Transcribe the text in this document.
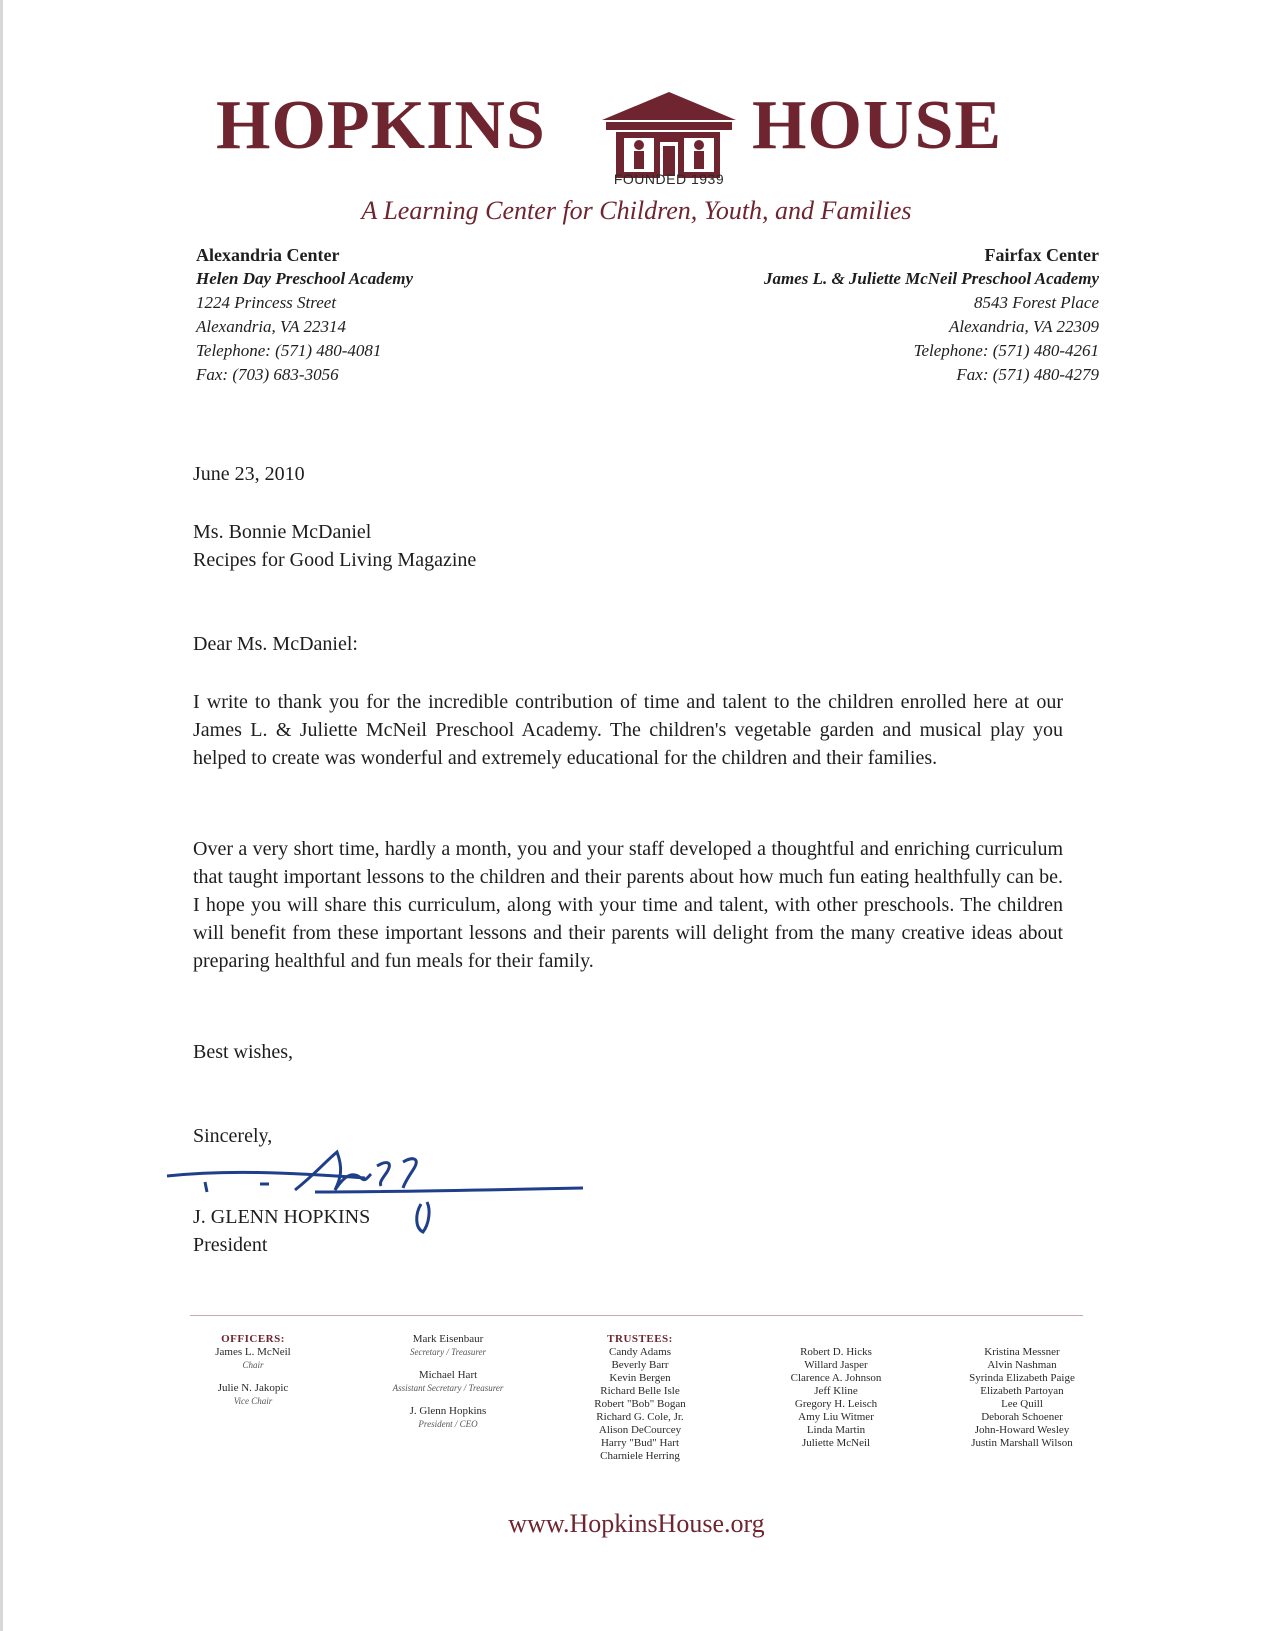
HOPKINS
FOUNDED 1939
HOUSE
A Learning Center for Children, Youth, and Families
Alexandria Center
Helen Day Preschool Academy
1224 Princess Street
Alexandria, VA 22314
Telephone: (571) 480-4081
Fax: (703) 683-3056
Fairfax Center
James L. & Juliette McNeil Preschool Academy
8543 Forest Place
Alexandria, VA 22309
Telephone: (571) 480-4261
Fax: (571) 480-4279
June 23, 2010
Ms. Bonnie McDaniel
Recipes for Good Living Magazine
Dear Ms. McDaniel:

I write to thank you for the incredible contribution of time and talent to the children enrolled here at our James L. & Juliette McNeil Preschool Academy. The children's vegetable garden and musical play you helped to create was wonderful and extremely educational for the children and their families.

Over a very short time, hardly a month, you and your staff developed a thoughtful and enriching curriculum that taught important lessons to the children and their parents about how much fun eating healthfully can be. I hope you will share this curriculum, along with your time and talent, with other preschools. The children will benefit from these important lessons and their parents will delight from the many creative ideas about preparing healthful and fun meals for their family.

Best wishes,
Sincerely,
J. GLENN HOPKINS
President
OFFICERS:
James L. McNeil
Chair
Julie N. Jakopic
Vice Chair
Mark Eisenbaur
Secretary / Treasurer
Michael Hart
Assistant Secretary / Treasurer
J. Glenn Hopkins
President / CEO
TRUSTEES:
Candy Adams
Beverly Barr
Kevin Bergen
Richard Belle Isle
Robert "Bob" Bogan
Richard G. Cole, Jr.
Alison DeCourcey
Harry "Bud" Hart
Charniele Herring
Robert D. Hicks
Willard Jasper
Clarence A. Johnson
Jeff Kline
Gregory H. Leisch
Amy Liu Witmer
Linda Martin
Juliette McNeil
Kristina Messner
Alvin Nashman
Syrinda Elizabeth Paige
Elizabeth Partoyan
Lee Quill
Deborah Schoener
John-Howard Wesley
Justin Marshall Wilson
www.HopkinsHouse.org
